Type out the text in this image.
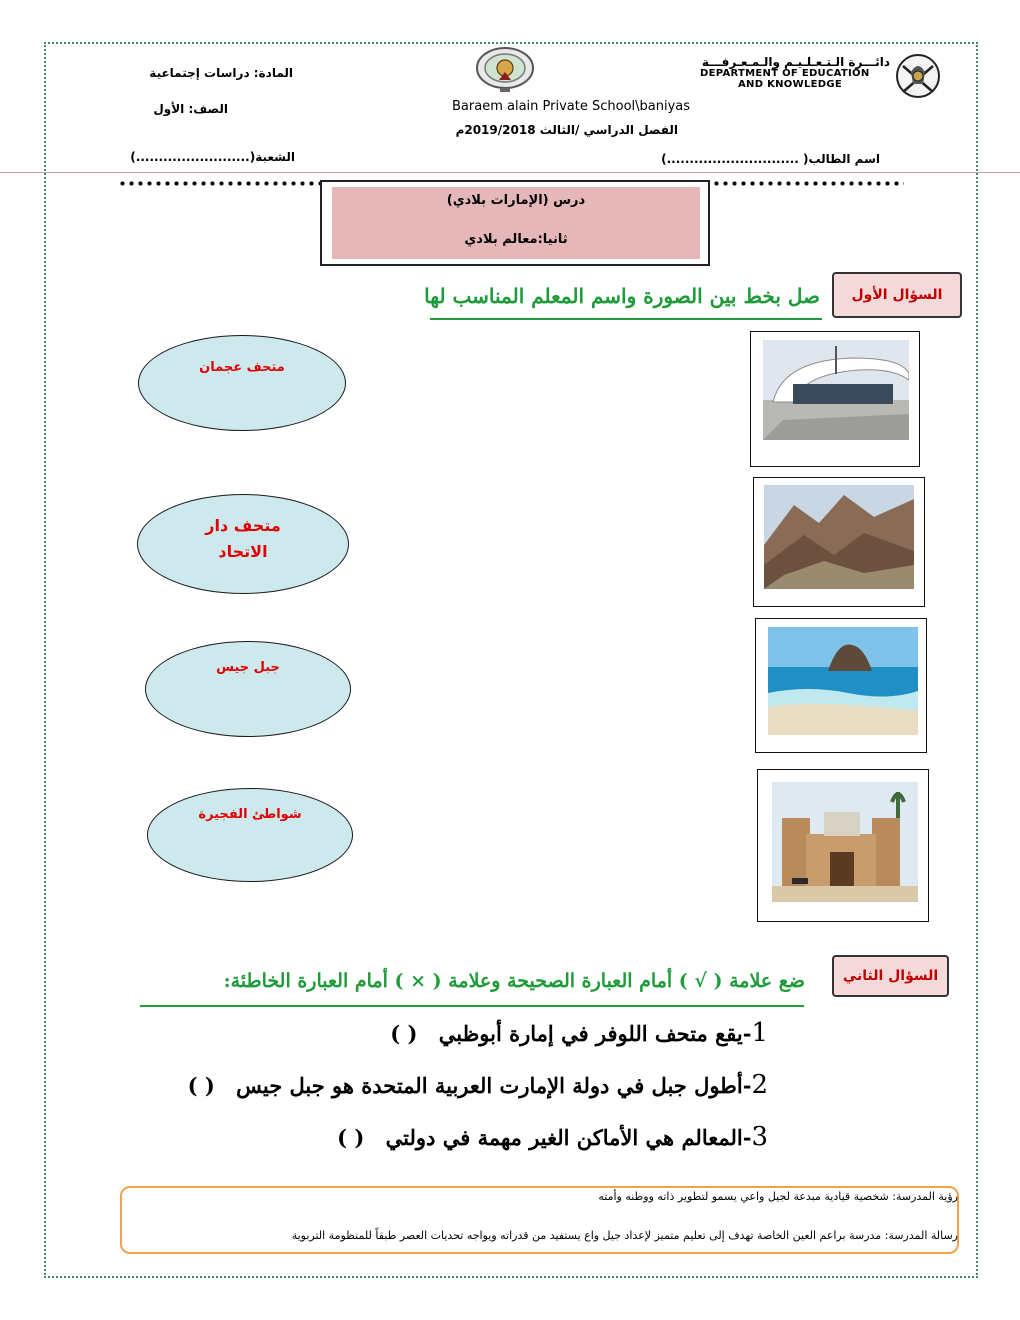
المادة: دراسات إجتماعية
الصف: الأول
الشعبة(.........................)
Baraem alain Private School\baniyas
الفصل الدراسي /الثالث 2019/2018م
اسم الطالب( .............................)
دائـــرة الـتـعـلـيـم والـمـعـرفـــة
DEPARTMENT OF EDUCATION
AND KNOWLEDGE
درس (الإمارات بلادي)
ثانيا:معالم بلادي
السؤال الأول
صل بخط بين الصورة واسم المعلم المناسب لها
متحف عجمان
متحف دار
الاتحاد
جبل جيس
شواطئ الفجيرة
السؤال الثاني
ضع علامة ( √ ) أمام العبارة الصحيحة وعلامة ( × ) أمام العبارة الخاطئة:
1-يقع متحف اللوفر في إمارة أبوظبي ( )
2-أطول جبل في دولة الإمارت العربية المتحدة هو جبل جيس ( )
3-المعالم هي الأماكن الغير مهمة في دولتي ( )
رؤية المدرسة: شخصية قيادية مبدعة لجيل واعي يسمو لتطوير ذاته ووطنه وأمته
رسالة المدرسة: مدرسة براعم العين الخاصة تهدف إلى تعليم متميز لإعداد جيل واع يستفيد من قدراته ويواجه تحديات العصر طبقاً للمنظومة التربوية
